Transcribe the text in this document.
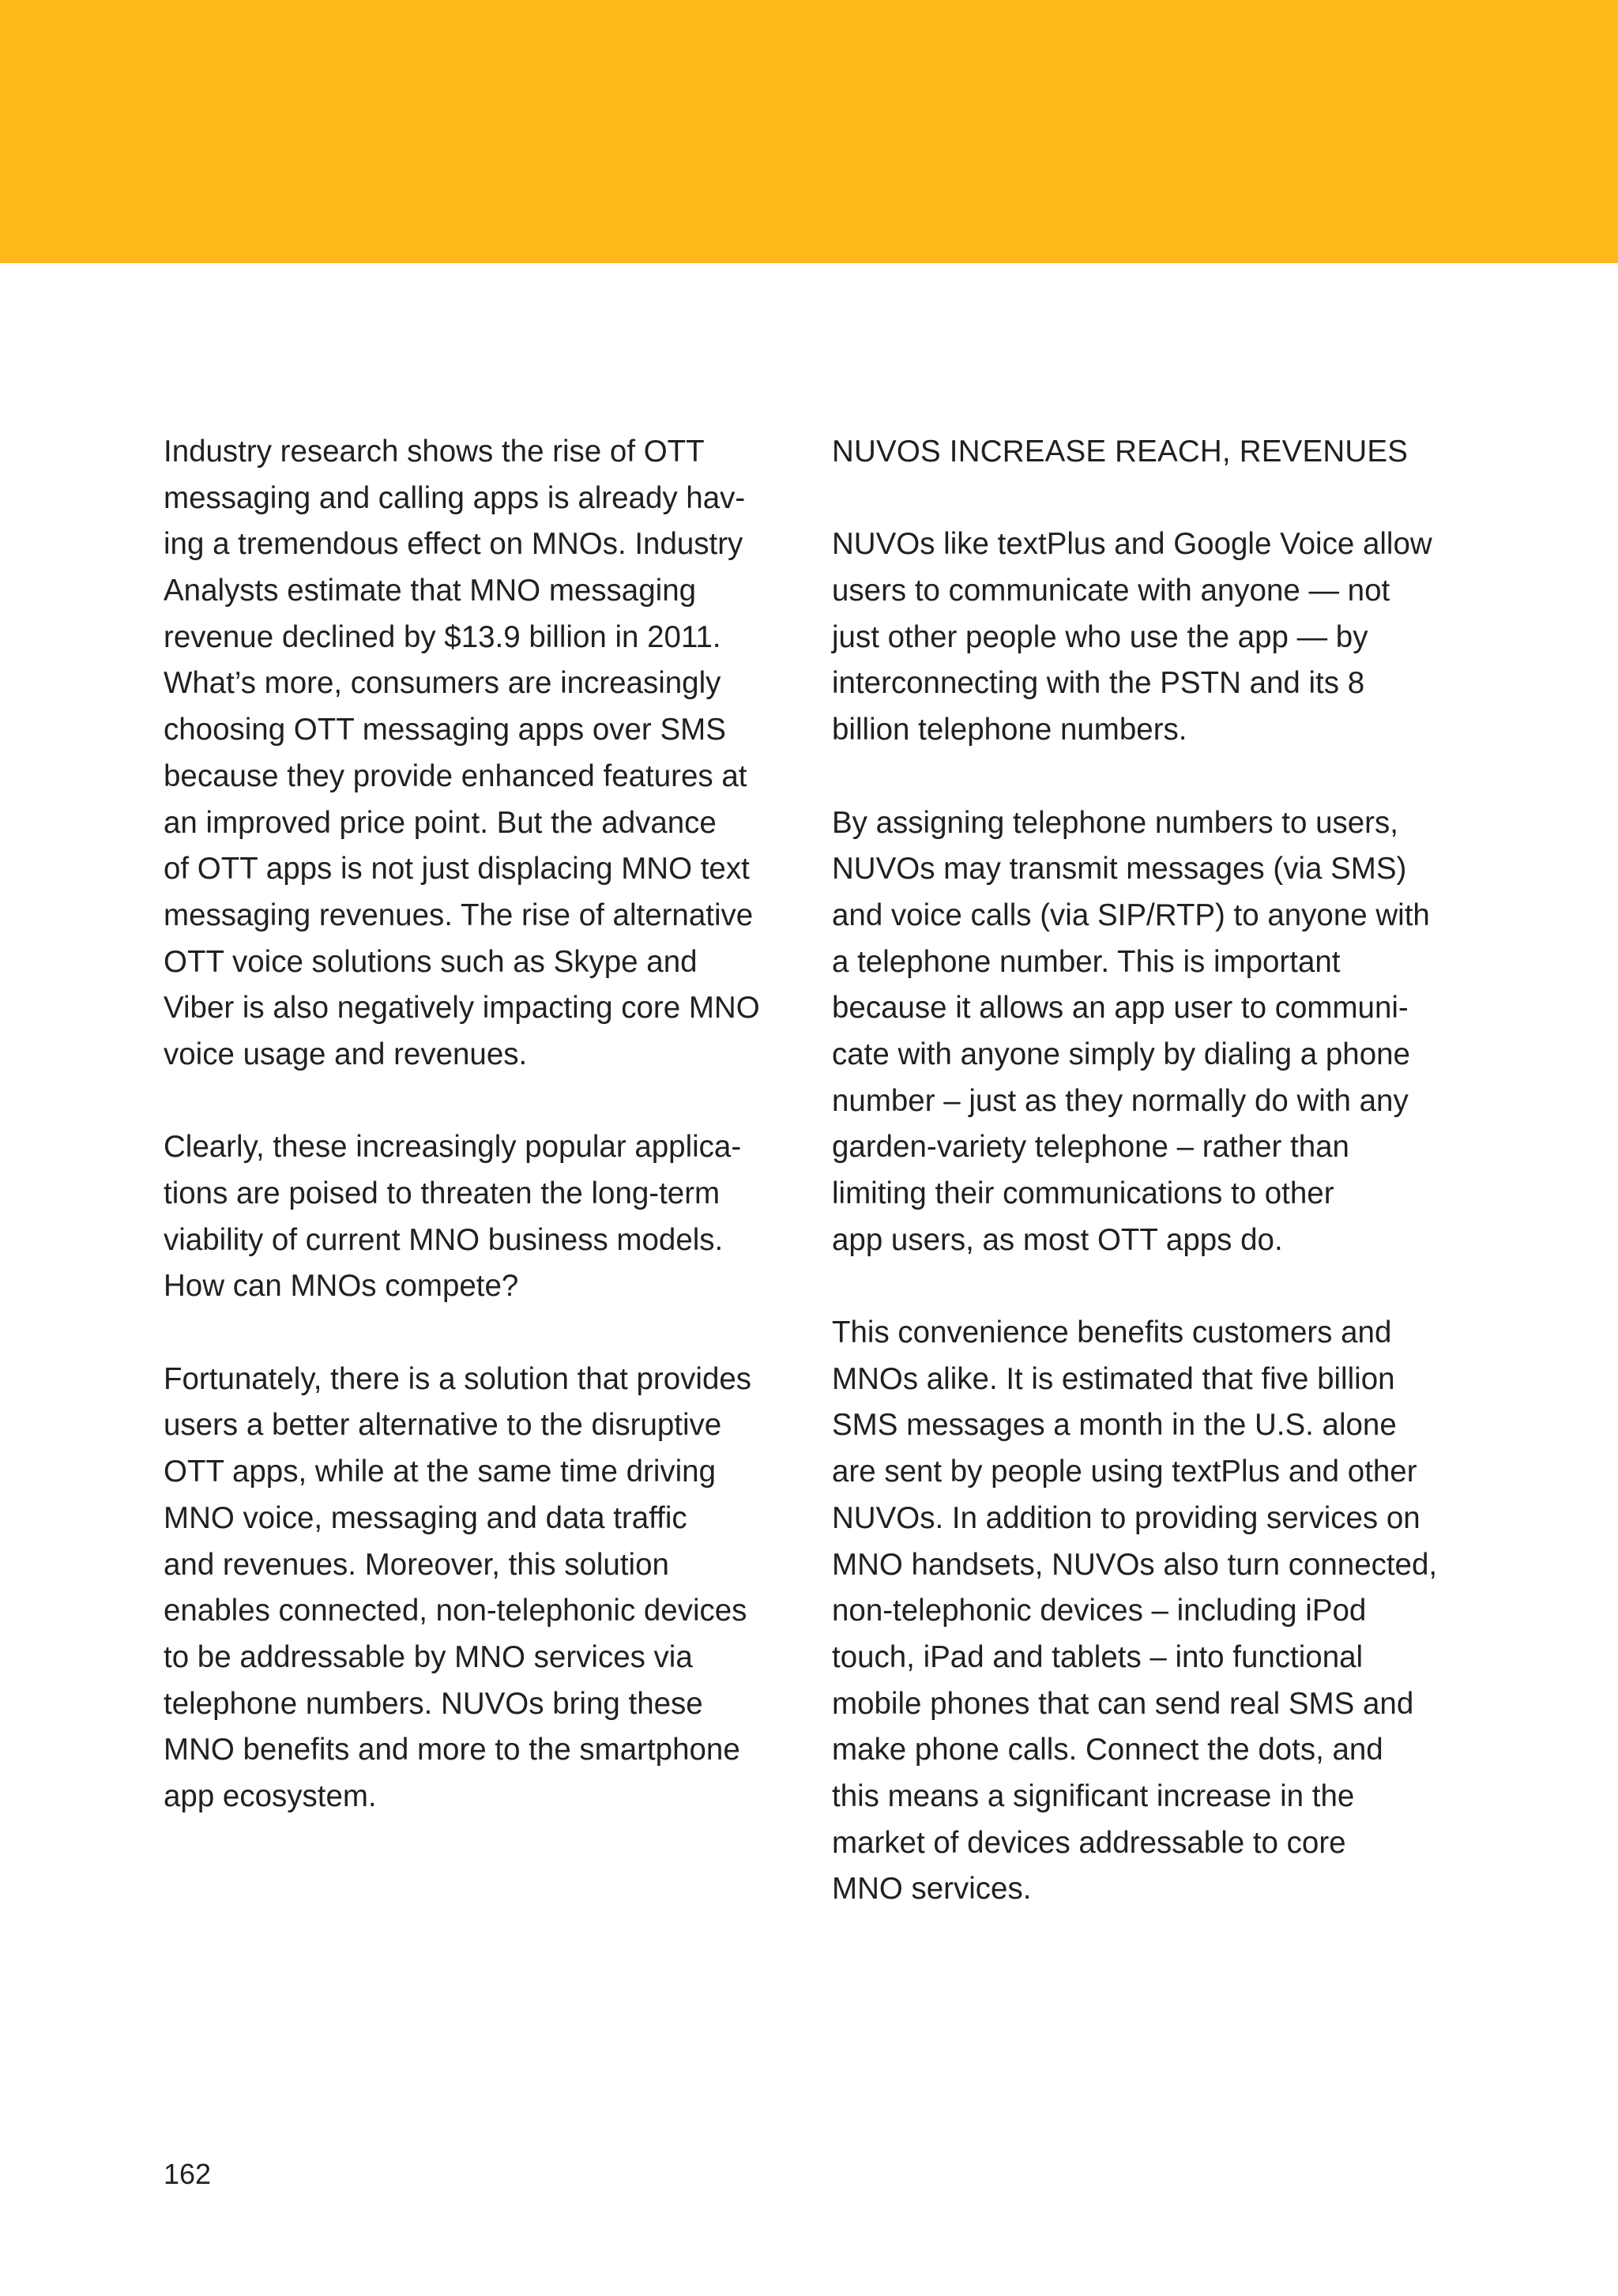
Industry research shows the rise of OTT
messaging and calling apps is already hav-
ing a tremendous effect on MNOs. Industry
Analysts estimate that MNO messaging
revenue declined by $13.9 billion in 2011.
What’s more, consumers are increasingly
choosing OTT messaging apps over SMS
because they provide enhanced features at
an improved price point. But the advance
of OTT apps is not just displacing MNO text
messaging revenues. The rise of alternative
OTT voice solutions such as Skype and
Viber is also negatively impacting core MNO
voice usage and revenues.
Clearly, these increasingly popular applica-
tions are poised to threaten the long-term
viability of current MNO business models.
How can MNOs compete?
Fortunately, there is a solution that provides
users a better alternative to the disruptive
OTT apps, while at the same time driving
MNO voice, messaging and data traffic
and revenues. Moreover, this solution
enables connected, non-telephonic devices
to be addressable by MNO services via
telephone numbers. NUVOs bring these
MNO benefits and more to the smartphone
app ecosystem.
NUVOS INCREASE REACH, REVENUES
NUVOs like textPlus and Google Voice allow
users to communicate with anyone — not
just other people who use the app — by
interconnecting with the PSTN and its 8
billion telephone numbers.
By assigning telephone numbers to users,
NUVOs may transmit messages (via SMS)
and voice calls (via SIP/RTP) to anyone with
a telephone number. This is important
because it allows an app user to communi-
cate with anyone simply by dialing a phone
number – just as they normally do with any
garden-variety telephone – rather than
limiting their communications to other
app users, as most OTT apps do.
This convenience benefits customers and
MNOs alike. It is estimated that five billion
SMS messages a month in the U.S. alone
are sent by people using textPlus and other
NUVOs. In addition to providing services on
MNO handsets, NUVOs also turn connected,
non-telephonic devices – including iPod
touch, iPad and tablets – into functional
mobile phones that can send real SMS and
make phone calls. Connect the dots, and
this means a significant increase in the
market of devices addressable to core
MNO services.
162
